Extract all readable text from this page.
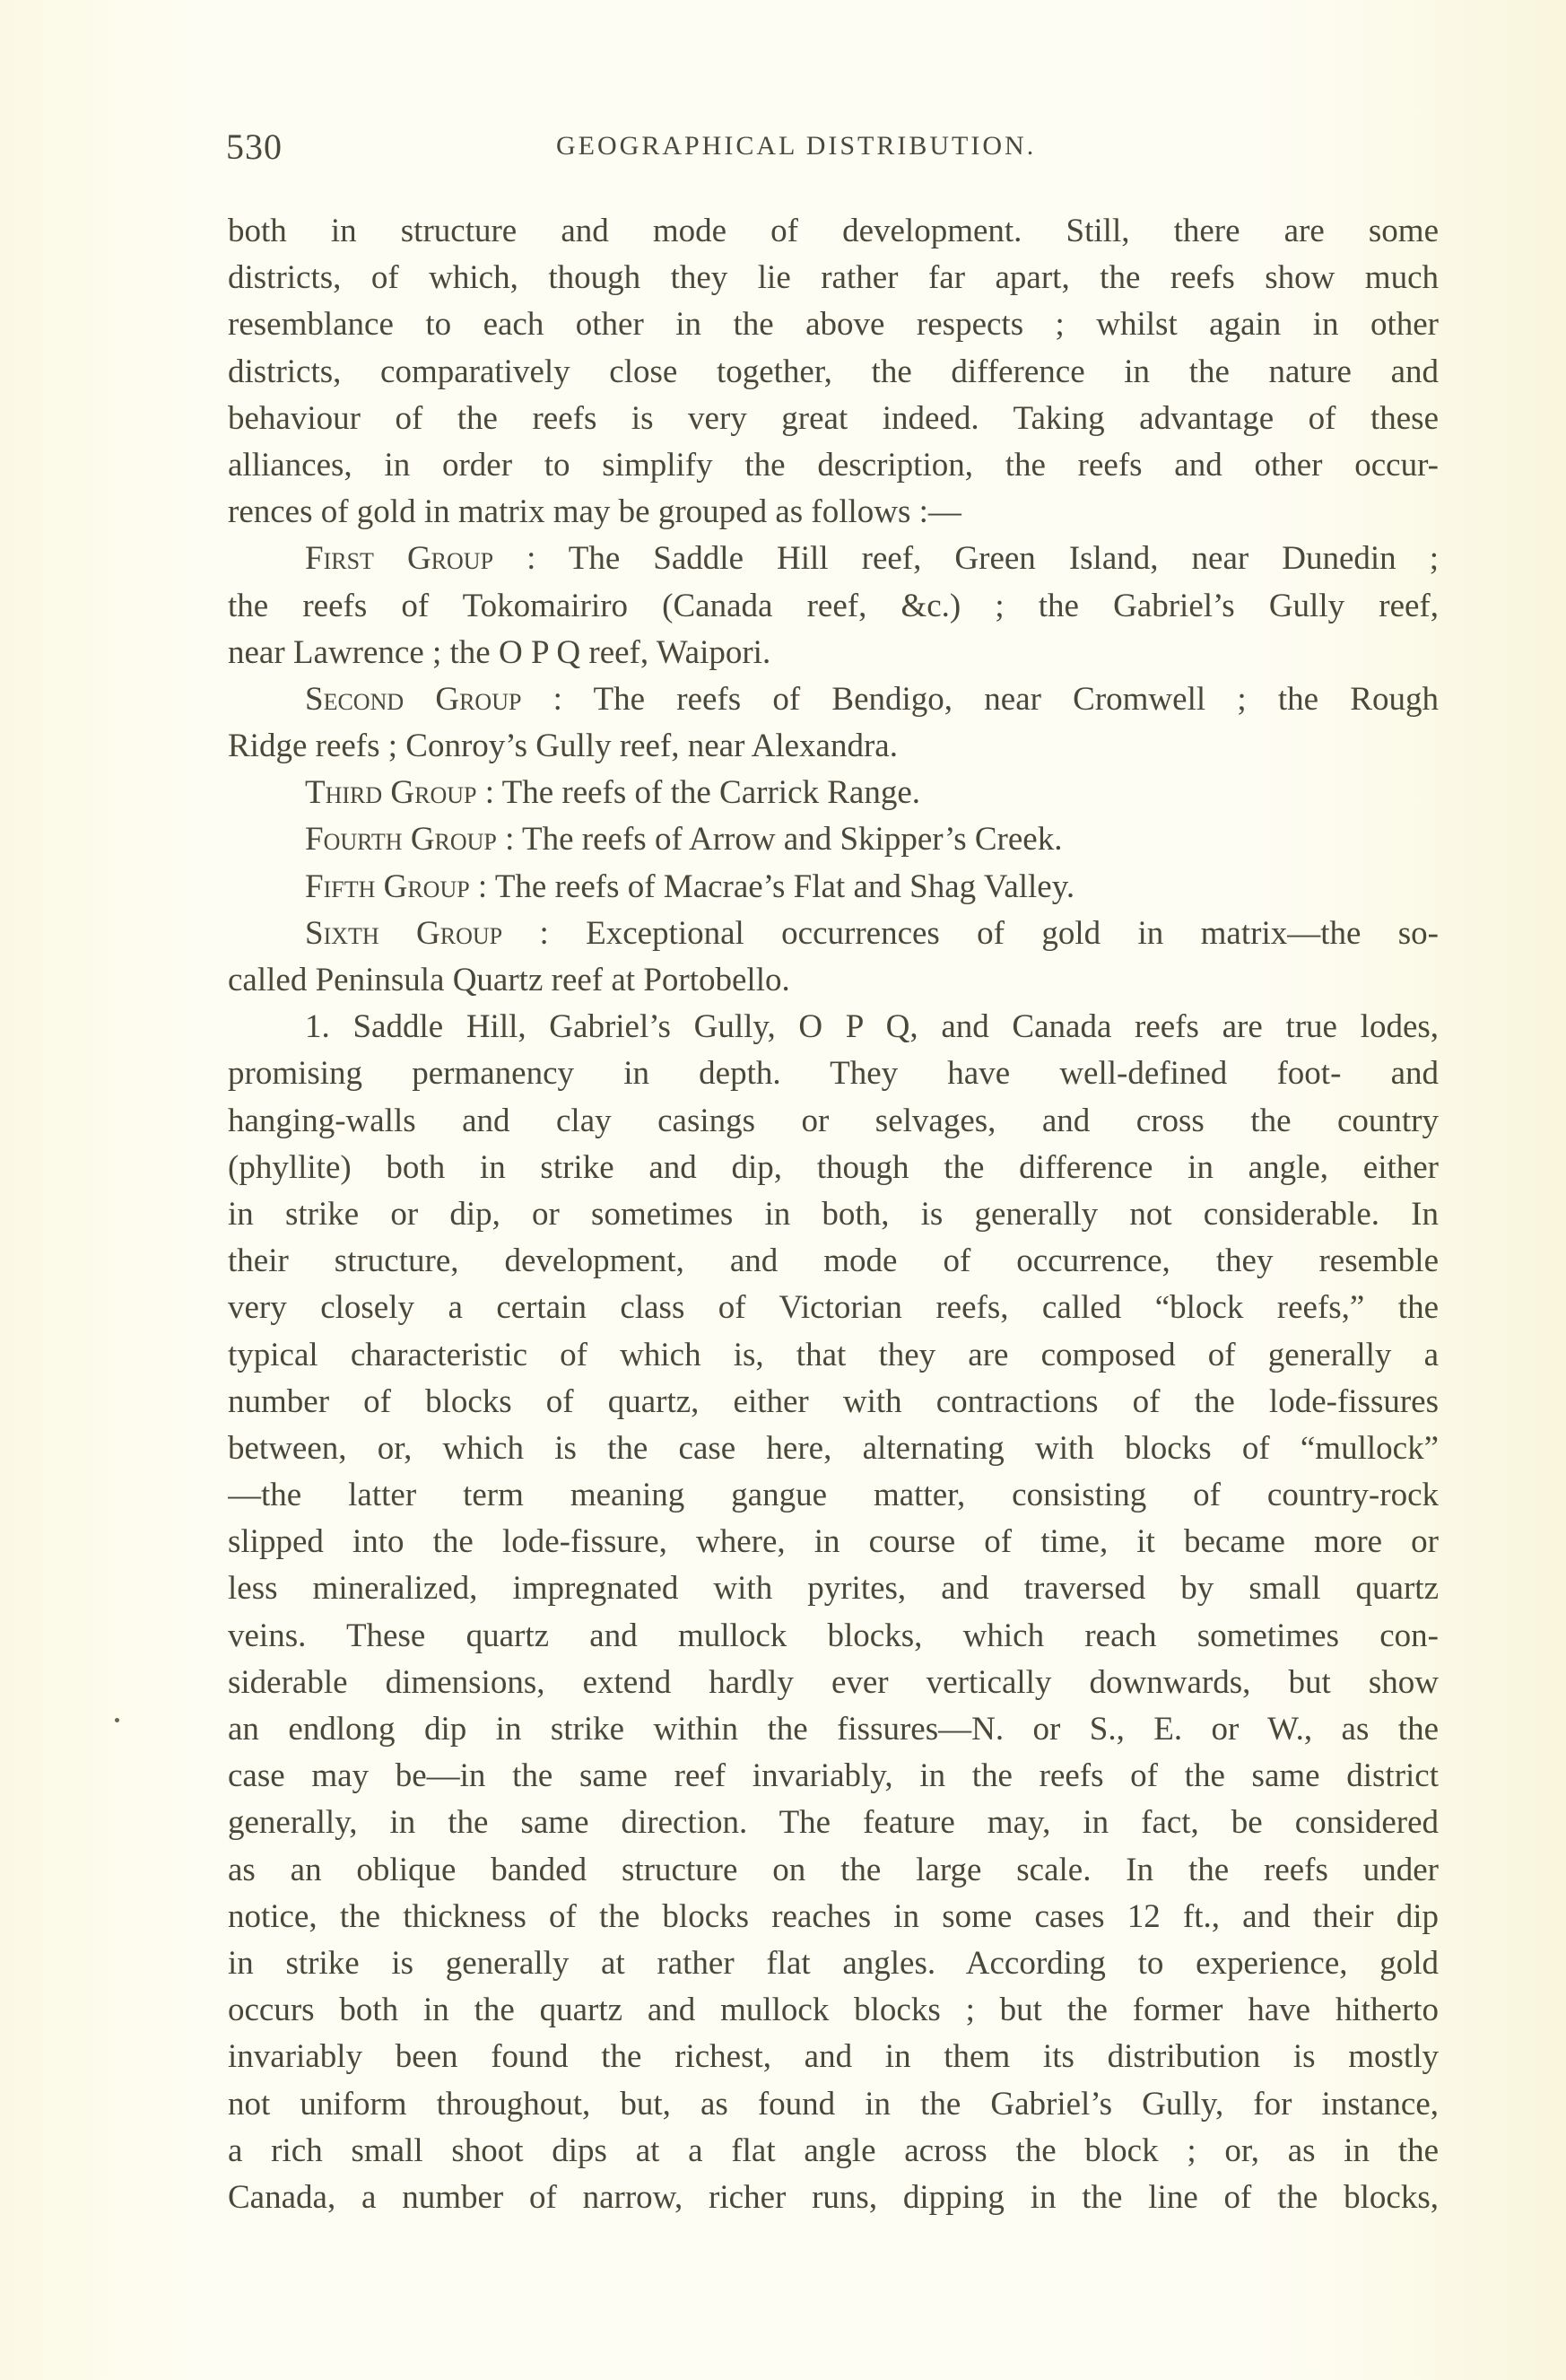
530	GEOGRAPHICAL DISTRIBUTION.
both in structure and mode of development. Still, there are some
districts, of which, though they lie rather far apart, the reefs show much
resemblance to each other in the above respects ; whilst again in other
districts, comparatively close together, the difference in the nature and
behaviour of the reefs is very great indeed. Taking advantage of these
alliances, in order to simplify the description, the reefs and other occur-
rences of gold in matrix may be grouped as follows :—
First Group : The Saddle Hill reef, Green Island, near Dunedin ;
the reefs of Tokomairiro (Canada reef, &c.) ; the Gabriel’s Gully reef,
near Lawrence ; the O P Q reef, Waipori.
Second Group : The reefs of Bendigo, near Cromwell ; the Rough
Ridge reefs ; Conroy’s Gully reef, near Alexandra.
Third Group : The reefs of the Carrick Range.
Fourth Group : The reefs of Arrow and Skipper’s Creek.
Fifth Group : The reefs of Macrae’s Flat and Shag Valley.
Sixth Group : Exceptional occurrences of gold in matrix—the so-
called Peninsula Quartz reef at Portobello.
1. Saddle Hill, Gabriel’s Gully, O P Q, and Canada reefs are true lodes,
promising permanency in depth. They have well-defined foot- and
hanging-walls and clay casings or selvages, and cross the country
(phyllite) both in strike and dip, though the difference in angle, either
in strike or dip, or sometimes in both, is generally not considerable. In
their structure, development, and mode of occurrence, they resemble
very closely a certain class of Victorian reefs, called “block reefs,” the
typical characteristic of which is, that they are composed of generally a
number of blocks of quartz, either with contractions of the lode-fissures
between, or, which is the case here, alternating with blocks of “mullock”
—the latter term meaning gangue matter, consisting of country-rock
slipped into the lode-fissure, where, in course of time, it became more or
less mineralized, impregnated with pyrites, and traversed by small quartz
veins. These quartz and mullock blocks, which reach sometimes con-
siderable dimensions, extend hardly ever vertically downwards, but show
an endlong dip in strike within the fissures—N. or S., E. or W., as the
case may be—in the same reef invariably, in the reefs of the same district
generally, in the same direction. The feature may, in fact, be considered
as an oblique banded structure on the large scale. In the reefs under
notice, the thickness of the blocks reaches in some cases 12 ft., and their dip
in strike is generally at rather flat angles. According to experience, gold
occurs both in the quartz and mullock blocks ; but the former have hitherto
invariably been found the richest, and in them its distribution is mostly
not uniform throughout, but, as found in the Gabriel’s Gully, for instance,
a rich small shoot dips at a flat angle across the block ; or, as in the
Canada, a number of narrow, richer runs, dipping in the line of the blocks,
